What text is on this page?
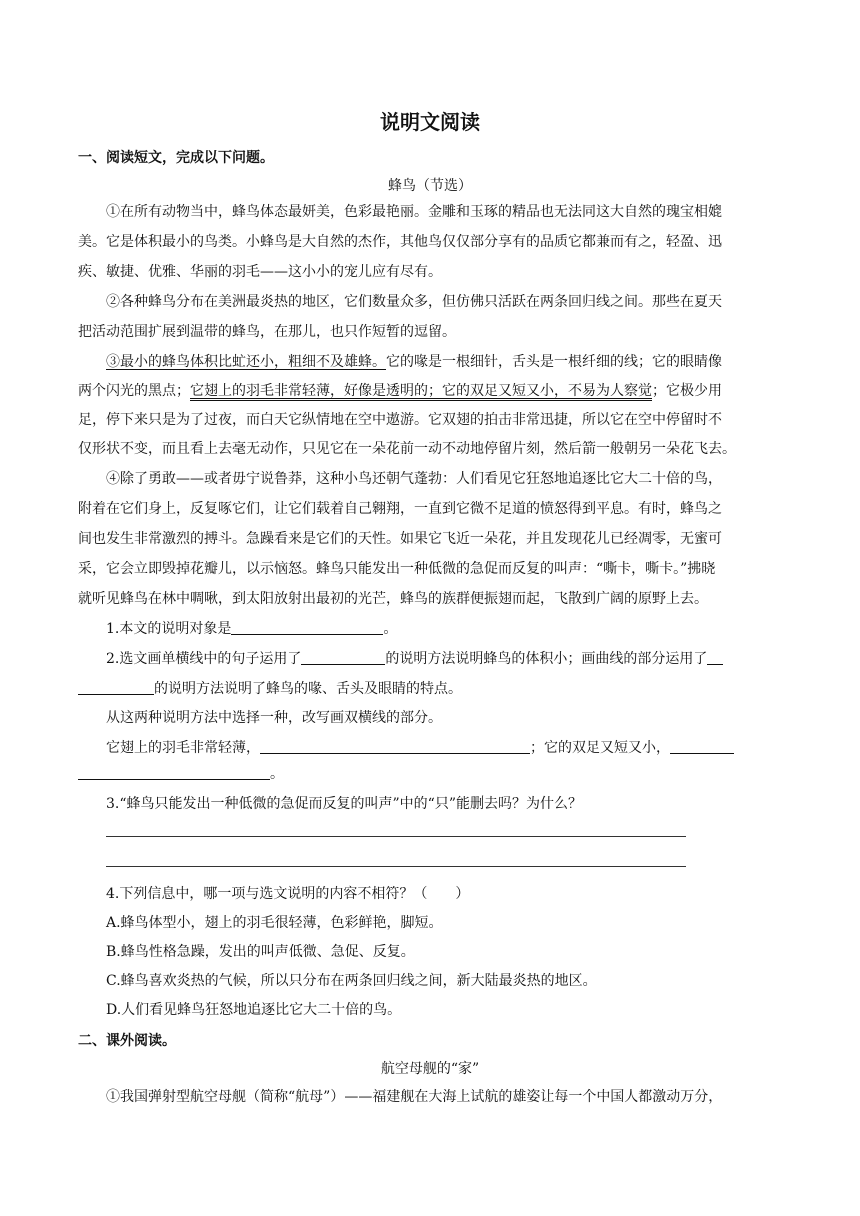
说明文阅读
一、阅读短文，完成以下问题。
蜂鸟（节选）
①在所有动物当中，蜂鸟体态最妍美，色彩最艳丽。金雕和玉琢的精品也无法同这大自然的瑰宝相媲
美。它是体积最小的鸟类。小蜂鸟是大自然的杰作，其他鸟仅仅部分享有的品质它都兼而有之，轻盈、迅
疾、敏捷、优雅、华丽的羽毛——这小小的宠儿应有尽有。
②各种蜂鸟分布在美洲最炎热的地区，它们数量众多，但仿佛只活跃在两条回归线之间。那些在夏天
把活动范围扩展到温带的蜂鸟，在那儿，也只作短暂的逗留。
③最小的蜂鸟体积比虻还小，粗细不及雄蜂。它的喙是一根细针，舌头是一根纤细的线；它的眼睛像
两个闪光的黑点；它翅上的羽毛非常轻薄，好像是透明的；它的双足又短又小，不易为人察觉；它极少用
足，停下来只是为了过夜，而白天它纵情地在空中遨游。它双翅的拍击非常迅捷，所以它在空中停留时不
仅形状不变，而且看上去毫无动作，只见它在一朵花前一动不动地停留片刻，然后箭一般朝另一朵花飞去。
④除了勇敢——或者毋宁说鲁莽，这种小鸟还朝气蓬勃：人们看见它狂怒地追逐比它大二十倍的鸟，
附着在它们身上，反复啄它们，让它们载着自己翱翔，一直到它微不足道的愤怒得到平息。有时，蜂鸟之
间也发生非常激烈的搏斗。急躁看来是它们的天性。如果它飞近一朵花，并且发现花儿已经凋零，无蜜可
采，它会立即毁掉花瓣儿，以示恼怒。蜂鸟只能发出一种低微的急促而反复的叫声：“嘶卡，嘶卡。”拂晓
就听见蜂鸟在林中啁啾，到太阳放射出最初的光芒，蜂鸟的族群便振翅而起，飞散到广阔的原野上去。
1.本文的说明对象是	。
2.选文画单横线中的句子运用了	的说明方法说明蜂鸟的体积小；画曲线的部分运用了
的说明方法说明了蜂鸟的喙、舌头及眼睛的特点。
从这两种说明方法中选择一种，改写画双横线的部分。
它翅上的羽毛非常轻薄，	；它的双足又短又小，
。
3.“蜂鸟只能发出一种低微的急促而反复的叫声”中的“只”能删去吗？为什么？
4.下列信息中，哪一项与选文说明的内容不相符？（　　）
A.蜂鸟体型小，翅上的羽毛很轻薄，色彩鲜艳，脚短。
B.蜂鸟性格急躁，发出的叫声低微、急促、反复。
C.蜂鸟喜欢炎热的气候，所以只分布在两条回归线之间，新大陆最炎热的地区。
D.人们看见蜂鸟狂怒地追逐比它大二十倍的鸟。
二、课外阅读。
航空母舰的“家”
①我国弹射型航空母舰（简称“航母”）——福建舰在大海上试航的雄姿让每一个中国人都激动万分，
